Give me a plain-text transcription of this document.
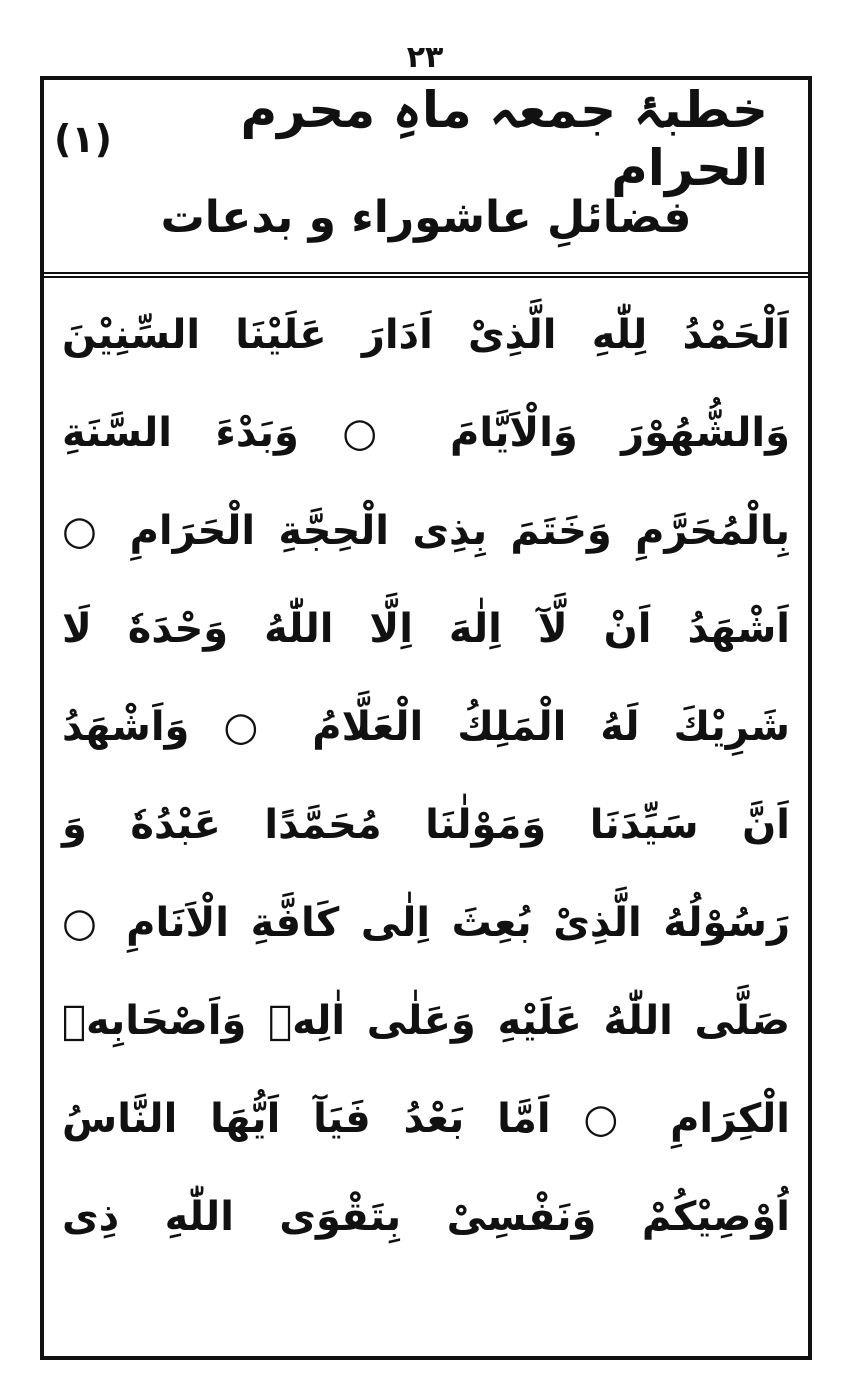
۲۳
خطبۂ جمعہ ماہِ محرم الحرام
(۱)
فضائلِ عاشوراء و بدعات
اَلْحَمْدُ لِلّٰهِ الَّذِىْ اَدَارَ عَلَيْنَا السِّنِيْنَ
وَالشُّهُوْرَ وَالْاَيَّامَ ○ وَبَدْءَ السَّنَةِ
بِالْمُحَرَّمِ وَخَتَمَ بِذِى الْحِجَّةِ الْحَرَامِ ○
اَشْهَدُ اَنْ لَّآ اِلٰهَ اِلَّا اللّٰهُ وَحْدَهٗ لَا
شَرِيْكَ لَهُ الْمَلِكُ الْعَلَّامُ ○ وَاَشْهَدُ
اَنَّ سَيِّدَنَا وَمَوْلٰنَا مُحَمَّدًا عَبْدُهٗ وَ
رَسُوْلُهُ الَّذِىْ بُعِثَ اِلٰى كَافَّةِ الْاَنَامِ ○
صَلَّى اللّٰهُ عَلَيْهِ وَعَلٰى اٰلِهٖ وَاَصْحَابِهٖ
الْكِرَامِ ○ اَمَّا بَعْدُ فَيَآ اَيُّهَا النَّاسُ
اُوْصِيْكُمْ وَنَفْسِىْ بِتَقْوَى اللّٰهِ ذِى
